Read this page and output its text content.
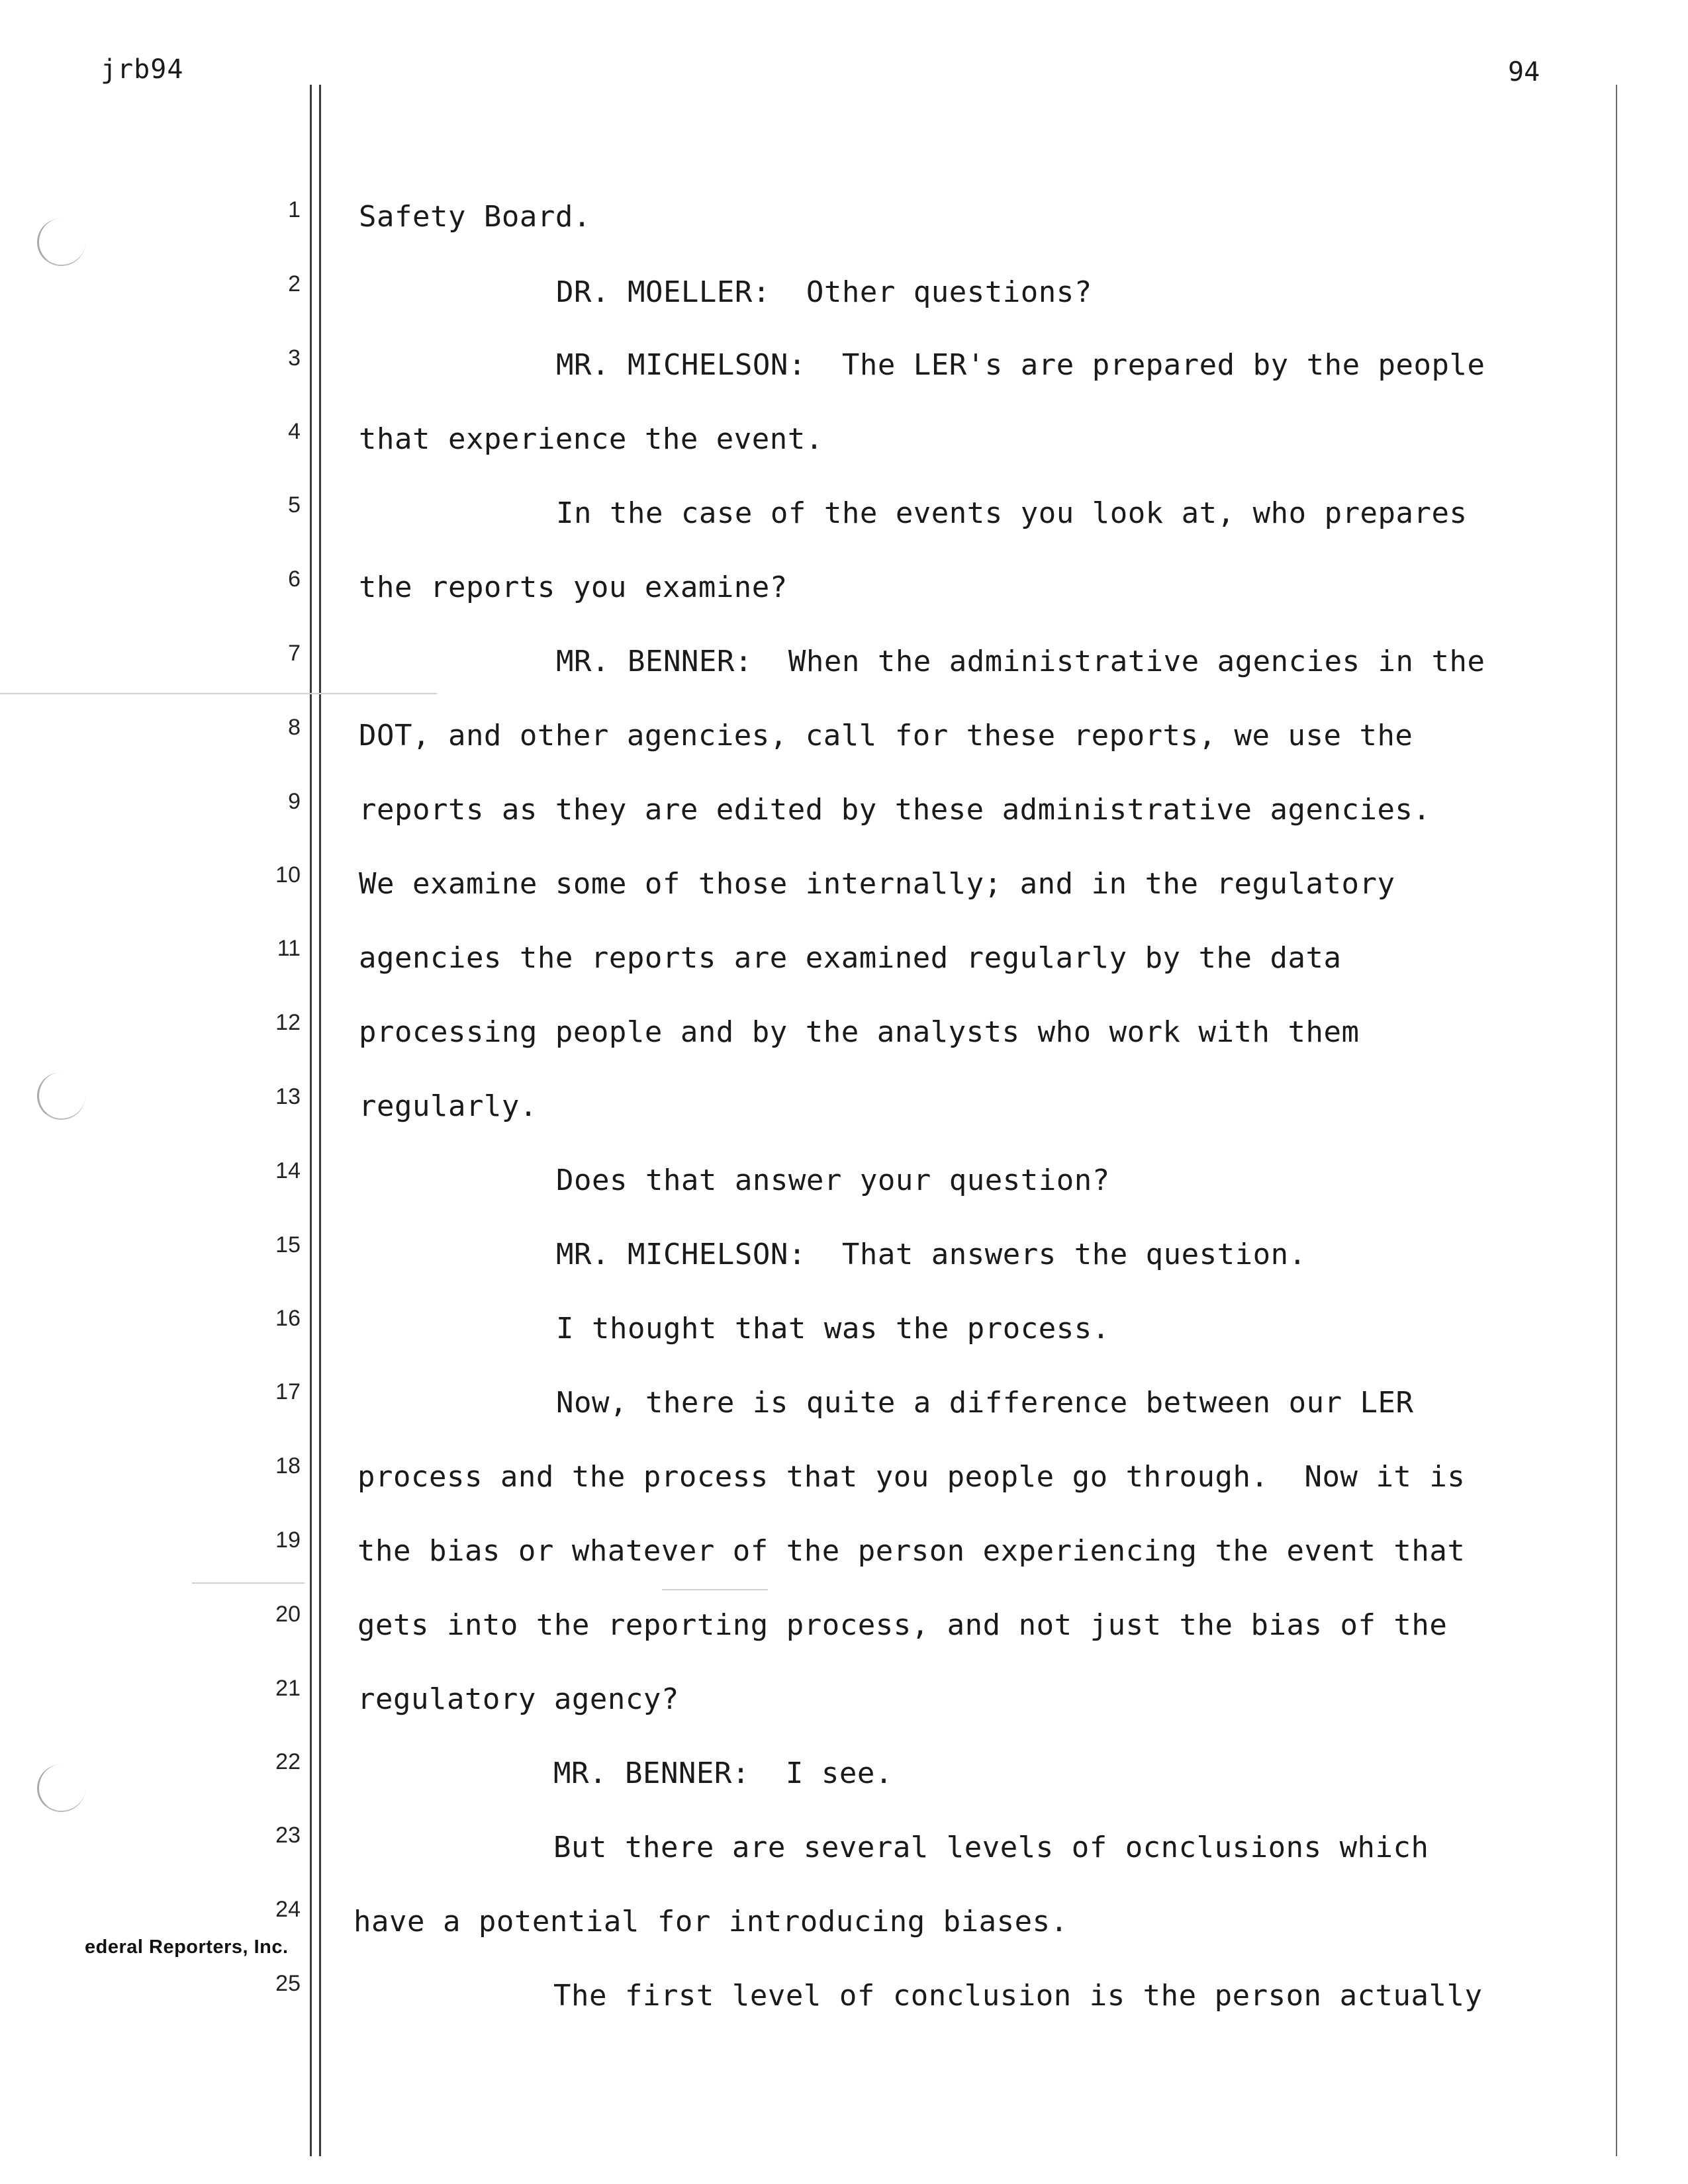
jrb94	94
1
2
3
4
5
6
7
8
9
10
11
12
13
14
15
16
17
18
19
20
21
22
23
24
25
Safety Board.
DR. MOELLER:  Other questions?
MR. MICHELSON:  The LER's are prepared by the people
that experience the event.
In the case of the events you look at, who prepares
the reports you examine?
MR. BENNER:  When the administrative agencies in the
DOT, and other agencies, call for these reports, we use the
reports as they are edited by these administrative agencies.
We examine some of those internally; and in the regulatory
agencies the reports are examined regularly by the data
processing people and by the analysts who work with them
regularly.
Does that answer your question?
MR. MICHELSON:  That answers the question.
I thought that was the process.
Now, there is quite a difference between our LER
process and the process that you people go through.  Now it is
the bias or whatever of the person experiencing the event that
gets into the reporting process, and not just the bias of the
regulatory agency?
MR. BENNER:  I see.
But there are several levels of ocnclusions which
have a potential for introducing biases.
The first level of conclusion is the person actually
ederal Reporters, Inc.
